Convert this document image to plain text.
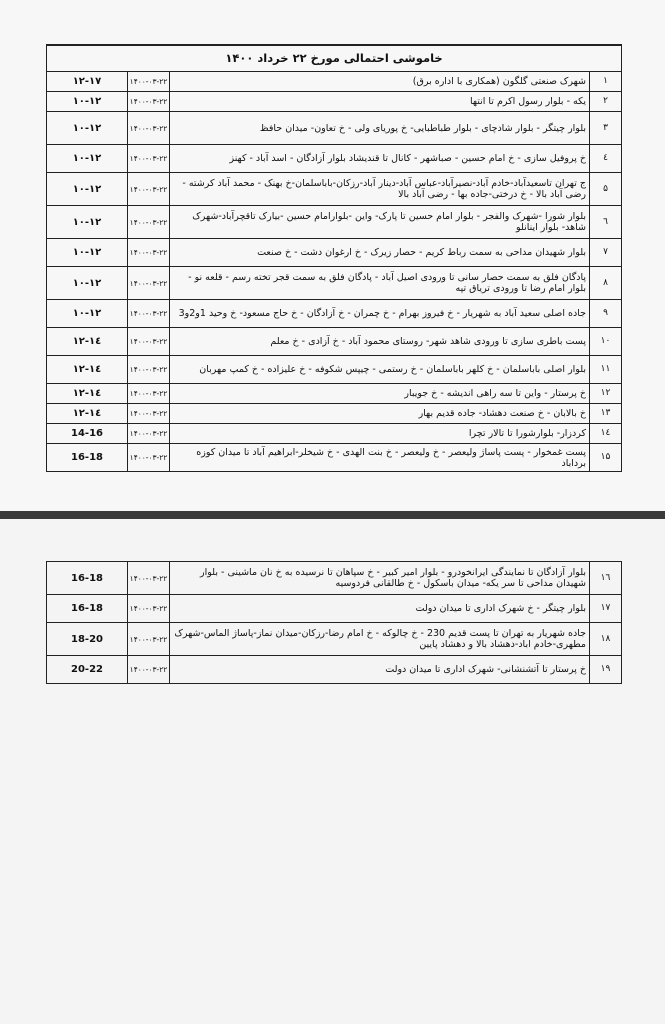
خاموشی احتمالی مورخ ۲۲ خرداد ۱۴۰۰			
۱	شهرک صنعتی گلگون (همکاری با اداره برق)	۱۴۰۰-۰۳-۲۲	۱۲-۱۷
۲	یکه - بلوار رسول اکرم تا انتها	۱۴۰۰-۰۳-۲۲	۱۰-۱۲
۳	بلوار چیتگر - بلوار شادچای - بلوار طباطبایی- خ پوریای ولی - خ تعاون- میدان حافظ	۱۴۰۰-۰۳-۲۲	۱۰-۱۲
٤	خ پروفیل سازی - خ امام حسین - صباشهر - کانال تا قندیشاد بلوار آزادگان - اسد آباد - کهنز	۱۴۰۰-۰۳-۲۲	۱۰-۱۲
۵	ج تهران تاسعیدآباد-خادم آباد-نصیرآباد-عباس آباد-دینار آباد-رزکان-باباسلمان-خ بهنک - محمد آباد کرشته - رضی آباد بالا - خ درختی-جاده بها - رضی آباد بالا	۱۴۰۰-۰۳-۲۲	۱۰-۱۲
٦	بلوار شورا -شهرک والفجر - بلوار امام حسین تا پارک- واین -بلوارامام حسین -بیارک تاقچرآباد-شهرک شاهد- بلوار اینانلو	۱۴۰۰-۰۳-۲۲	۱۰-۱۲
۷	بلوار شهیدان مداحی به سمت رباط کریم - حصار زیرک - خ ارغوان دشت - خ صنعت	۱۴۰۰-۰۳-۲۲	۱۰-۱۲
۸	پادگان فلق به سمت حصار سانی تا ورودی اصیل آباد - پادگان فلق به سمت قجر تخته رسم - قلعه نو - بلوار امام رضا تا ورودی تریاق تپه	۱۴۰۰-۰۳-۲۲	۱۰-۱۲
۹	جاده اصلی سعید آباد به شهریار - خ فیروز بهرام - خ چمران - خ آزادگان - خ حاج مسعود- خ وحید 1و2و3	۱۴۰۰-۰۳-۲۲	۱۰-۱۲
۱۰	پست باطری سازی تا ورودی شاهد شهر- روستای محمود آباد - خ آزادی - خ معلم	۱۴۰۰-۰۳-۲۲	۱۲-۱٤
۱۱	بلوار اصلی باباسلمان - خ کلهر باباسلمان - خ رستمی - چیپس شکوفه - خ علیزاده - خ کمپ مهربان	۱۴۰۰-۰۳-۲۲	۱۲-۱٤
۱۲	خ پرستار - واین تا سه راهی اندیشه - خ جویبار	۱۴۰۰-۰۳-۲۲	۱۲-۱٤
۱۳	خ بالابان - خ صنعت دهشاد- جاده قدیم بهار	۱۴۰۰-۰۳-۲۲	۱۲-۱٤
۱٤	کردزار- بلوارشورا تا تالار تچرا	۱۴۰۰-۰۳-۲۲	14-16
۱۵	پست غمخوار - پست پاساژ ولیعصر - خ ولیعصر - خ بنت الهدی - خ شیخلر-ابراهیم آباد تا میدان کوزه برداباد	۱۴۰۰-۰۳-۲۲	16-18
۱٦	بلوار آزادگان تا نمایندگی ایرانخودرو - بلوار امیر کبیر - خ سپاهان تا نرسیده به خ نان ماشینی - بلوار شهیدان مداحی تا سر یکه- میدان باسکول - خ طالقانی فردوسیه	۱۴۰۰-۰۳-۲۲	16-18
۱۷	بلوار چیتگر - خ شهرک اداری تا میدان دولت	۱۴۰۰-۰۳-۲۲	16-18
۱۸	جاده شهریار به تهران تا پست قدیم 230 - خ چالوکه - خ امام رضا-رزکان-میدان نماز-پاساژ الماس-شهرک مطهری-خادم اباد-دهشاد بالا و دهشاد پایین	۱۴۰۰-۰۳-۲۲	18-20
۱۹	خ پرستار تا آتشنشانی- شهرک اداری تا میدان دولت	۱۴۰۰-۰۳-۲۲	20-22
